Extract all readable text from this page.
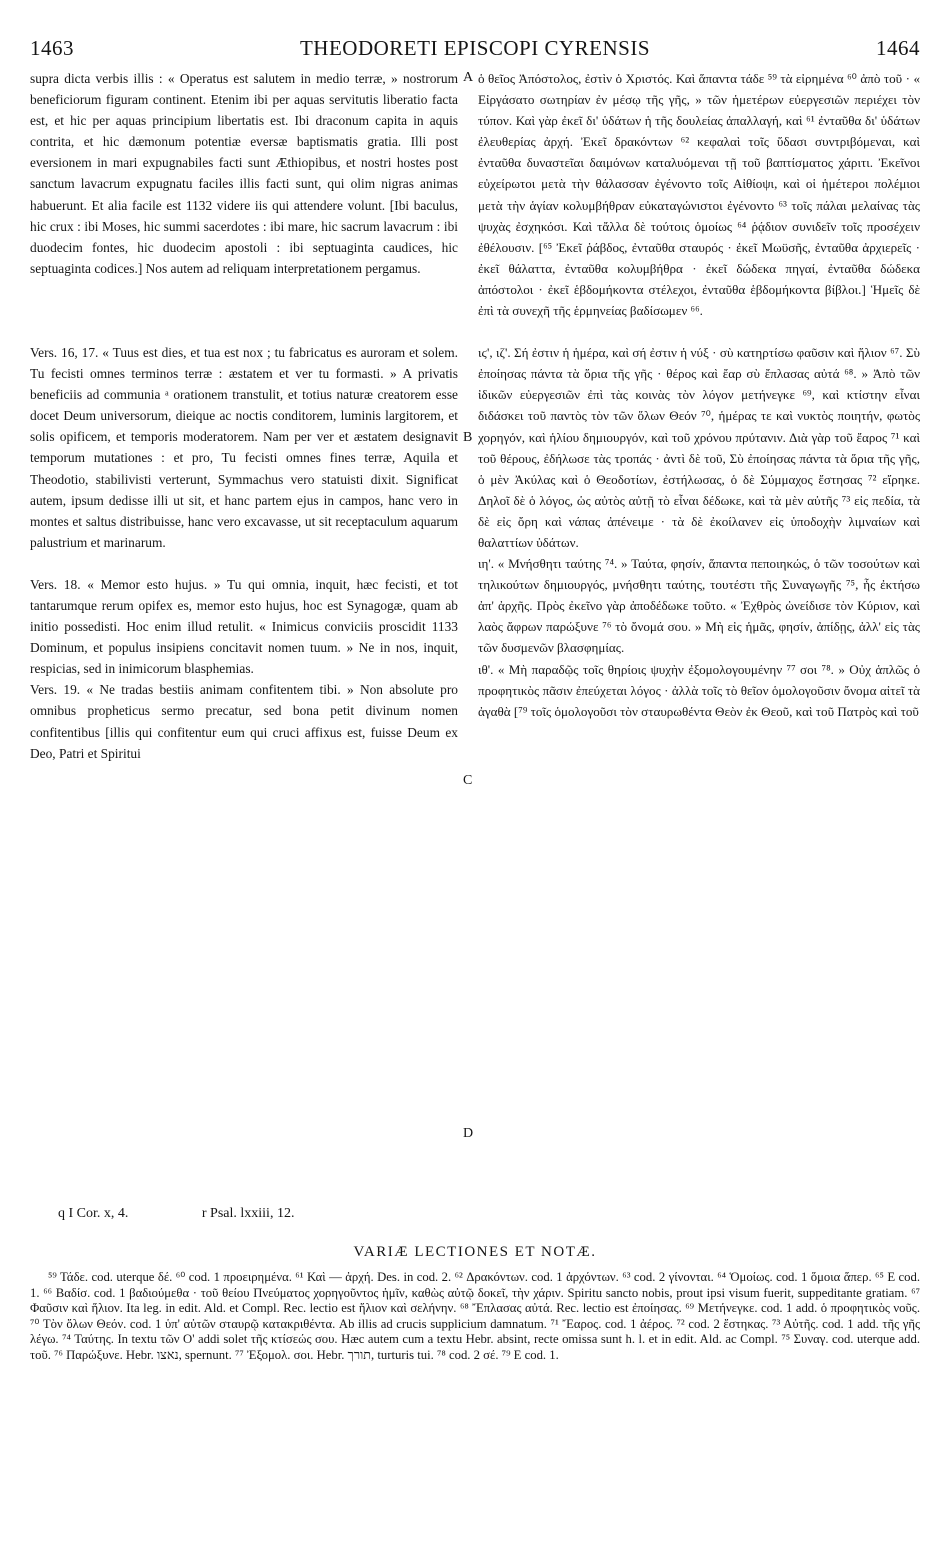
1463	THEODORETI EPISCOPI CYRENSIS	1464

supra dicta verbis illis : « Operatus est salutem in medio terræ, » nostrorum beneficiorum figuram continent. Etenim ibi per aquas servitutis liberatio facta est, et hic per aquas principium libertatis est. Ibi draconum capita in aquis contrita, et hic dæmonum potentiæ eversæ baptismatis gratia. Illi post eversionem in mari expugnabiles facti sunt Æthiopibus, et nostri hostes post sanctum lavacrum expugnatu faciles illis facti sunt, qui olim nigras animas habuerunt. Et alia facile est 1132 videre iis qui attendere volunt. [Ibi baculus, hic crux : ibi Moses, hic summi sacerdotes : ibi mare, hic sacrum lavacrum : ibi duodecim fontes, hic duodecim apostoli : ibi septuaginta caudices, hic septuaginta codices.] Nos autem ad reliquam interpretationem pergamus.

Vers. 16, 17. « Tuus est dies, et tua est nox ; tu fabricatus es auroram et solem. Tu fecisti omnes terminos terræ : æstatem et ver tu formasti. » A privatis beneficiis ad communia ᵃ orationem transtulit, et totius naturæ creatorem esse docet Deum universorum, dieique ac noctis conditorem, luminis largitorem, et solis opificem, et temporis moderatorem. Nam per ver et æstatem designavit temporum mutationes : et pro, Tu fecisti omnes fines terræ, Aquila et Theodotio, stabilivisti verterunt, Symmachus vero statuisti dixit. Significat autem, ipsum dedisse illi ut sit, et hanc partem ejus in campos, hanc vero in montes et saltus distribuisse, hanc vero excavasse, ut sit receptaculum aquarum palustrium et marinarum.

Vers. 18. « Memor esto hujus. » Tu qui omnia, inquit, hæc fecisti, et tot tantarumque rerum opifex es, memor esto hujus, hoc est Synagogæ, quam ab initio possedisti. Hoc enim illud retulit. « Inimicus conviciis proscidit 1133 Dominum, et populus insipiens concitavit nomen tuum. » Ne in nos, inquit, respicias, sed in inimicorum blasphemias.

Vers. 19. « Ne tradas bestiis animam confitentem tibi. » Non absolute pro omnibus propheticus sermo precatur, sed bona petit divinum nomen confitentibus [illis qui confitentur eum qui cruci affixus est, fuisse Deum ex Deo, Patri et Spiritui

A
B
C
D

ὁ θεῖος Ἀπόστολος, ἐστὶν ὁ Χριστός. Καὶ ἅπαντα τάδε ⁵⁹ τὰ εἰρημένα ⁶⁰ ἀπὸ τοῦ · « Εἰργάσατο σωτηρίαν ἐν μέσῳ τῆς γῆς, » τῶν ἡμετέρων εὐεργεσιῶν περιέχει τὸν τύπον. Καὶ γὰρ ἐκεῖ δι' ὑδάτων ἡ τῆς δουλείας ἀπαλλαγή, καὶ ⁶¹ ἐνταῦθα δι' ὑδάτων ἐλευθερίας ἀρχή. Ἐκεῖ δρακόντων ⁶² κεφαλαὶ τοῖς ὕδασι συντριβόμεναι, καὶ ἐνταῦθα δυναστεῖαι δαιμόνων καταλυόμεναι τῇ τοῦ βαπτίσματος χάριτι. Ἐκεῖνοι εὐχείρωτοι μετὰ τὴν θάλασσαν ἐγένοντο τοῖς Αἰθίοψι, καὶ οἱ ἡμέτεροι πολέμιοι μετὰ τὴν ἁγίαν κολυμβήθραν εὐκαταγώνιστοι ἐγένοντο ⁶³ τοῖς πάλαι μελαίνας τὰς ψυχὰς ἐσχηκόσι. Καὶ τἄλλα δὲ τούτοις ὁμοίως ⁶⁴ ῥᾴδιον συνιδεῖν τοῖς προσέχειν ἐθέλουσιν. [⁶⁵ Ἐκεῖ ῥάβδος, ἐνταῦθα σταυρός · ἐκεῖ Μωϋσῆς, ἐνταῦθα ἀρχιερεῖς · ἐκεῖ θάλαττα, ἐνταῦθα κολυμβήθρα · ἐκεῖ δώδεκα πηγαί, ἐνταῦθα δώδεκα ἀπόστολοι · ἐκεῖ ἑβδομήκοντα στέλεχοι, ἐνταῦθα ἑβδομήκοντα βίβλοι.] Ἡμεῖς δὲ ἐπὶ τὰ συνεχῆ τῆς ἑρμηνείας βαδίσωμεν ⁶⁶.

ιϛ', ιζ'. Σή ἐστιν ἡ ἡμέρα, καὶ σή ἐστιν ἡ νύξ · σὺ κατηρτίσω φαῦσιν καὶ ἥλιον ⁶⁷. Σὺ ἐποίησας πάντα τὰ ὅρια τῆς γῆς · θέρος καὶ ἔαρ σὺ ἔπλασας αὐτά ⁶⁸. » Ἀπὸ τῶν ἰδικῶν εὐεργεσιῶν ἐπὶ τὰς κοινὰς τὸν λόγον μετήνεγκε ⁶⁹, καὶ κτίστην εἶναι διδάσκει τοῦ παντὸς τὸν τῶν ὅλων Θεόν ⁷⁰, ἡμέρας τε καὶ νυκτὸς ποιητήν, φωτὸς χορηγόν, καὶ ἡλίου δημιουργόν, καὶ τοῦ χρόνου πρύτανιν. Διὰ γὰρ τοῦ ἔαρος ⁷¹ καὶ τοῦ θέρους, ἐδήλωσε τὰς τροπάς · ἀντὶ δὲ τοῦ, Σὺ ἐποίησας πάντα τὰ ὅρια τῆς γῆς, ὁ μὲν Ἀκύλας καὶ ὁ Θεοδοτίων, ἐστήλωσας, ὁ δὲ Σύμμαχος ἔστησας ⁷² εἴρηκε. Δηλοῖ δὲ ὁ λόγος, ὡς αὐτὸς αὐτῇ τὸ εἶναι δέδωκε, καὶ τὰ μὲν αὐτῆς ⁷³ εἰς πεδία, τὰ δὲ εἰς ὄρη καὶ νάπας ἀπένειμε · τὰ δὲ ἐκοίλανεν εἰς ὑποδοχὴν λιμναίων καὶ θαλαττίων ὑδάτων.

ιη'. « Μνήσθητι ταύτης ⁷⁴. » Ταύτα, φησίν, ἅπαντα πεποιηκώς, ὁ τῶν τοσούτων καὶ τηλικούτων δημιουργός, μνήσθητι ταύτης, τουτέστι τῆς Συναγωγῆς ⁷⁵, ἧς ἐκτήσω ἀπ' ἀρχῆς. Πρὸς ἐκεῖνο γὰρ ἀποδέδωκε τοῦτο. « Ἐχθρὸς ὠνείδισε τὸν Κύριον, καὶ λαὸς ἄφρων παρώξυνε ⁷⁶ τὸ ὄνομά σου. » Μὴ εἰς ἡμᾶς, φησίν, ἀπίδῃς, ἀλλ' εἰς τὰς τῶν δυσμενῶν βλασφημίας.

ιθ'. « Μὴ παραδῷς τοῖς θηρίοις ψυχὴν ἐξομολογουμένην ⁷⁷ σοι ⁷⁸. » Οὐχ ἁπλῶς ὁ προφητικὸς πᾶσιν ἐπεύχεται λόγος · ἀλλὰ τοῖς τὸ θεῖον ὁμολογοῦσιν ὄνομα αἰτεῖ τὰ ἀγαθὰ [⁷⁹ τοῖς ὁμολογοῦσι τὸν σταυρωθέντα Θεὸν ἐκ Θεοῦ, καὶ τοῦ Πατρὸς καὶ τοῦ

q I Cor. x, 4.	r Psal. lxxiii, 12.
VARIÆ LECTIONES ET NOTÆ.
⁵⁹ Τάδε. cod. uterque δέ. ⁶⁰ cod. 1 προειρημένα. ⁶¹ Καὶ — ἀρχή. Des. in cod. 2. ⁶² Δρακόντων. cod. 1 ἀρχόντων. ⁶³ cod. 2 γίνονται. ⁶⁴ Ὁμοίως. cod. 1 ὅμοια ἅπερ. ⁶⁵ E cod. 1. ⁶⁶ Βαδίσ. cod. 1 βαδιούμεθα · τοῦ θείου Πνεύματος χορηγοῦντος ἡμῖν, καθὼς αὐτῷ δοκεῖ, τὴν χάριν. Spiritu sancto nobis, prout ipsi visum fuerit, suppeditante gratiam. ⁶⁷ Φαῦσιν καὶ ἥλιον. Ita leg. in edit. Ald. et Compl. Rec. lectio est ἥλιον καὶ σελήνην. ⁶⁸ Ἔπλασας αὐτά. Rec. lectio est ἐποίησας. ⁶⁹ Μετήνεγκε. cod. 1 add. ὁ προφητικὸς νοῦς. ⁷⁰ Τὸν ὅλων Θεόν. cod. 1 ὑπ' αὐτῶν σταυρῷ κατακριθέντα. Ab illis ad crucis supplicium damnatum. ⁷¹ Ἔαρος. cod. 1 ἀέρος. ⁷² cod. 2 ἔστηκας. ⁷³ Αὐτῆς. cod. 1 add. τῆς γῆς λέγω. ⁷⁴ Ταύτης. In textu τῶν Ο' addi solet τῆς κτίσεώς σου. Hæc autem cum a textu Hebr. absint, recte omissa sunt h. l. et in edit. Ald. ac Compl. ⁷⁵ Συναγ. cod. uterque add. τοῦ. ⁷⁶ Παρώξυνε. Hebr. נאצו, spernunt. ⁷⁷ Ἐξομολ. σοι. Hebr. תורך, turturis tui. ⁷⁸ cod. 2 σέ. ⁷⁹ E cod. 1.
